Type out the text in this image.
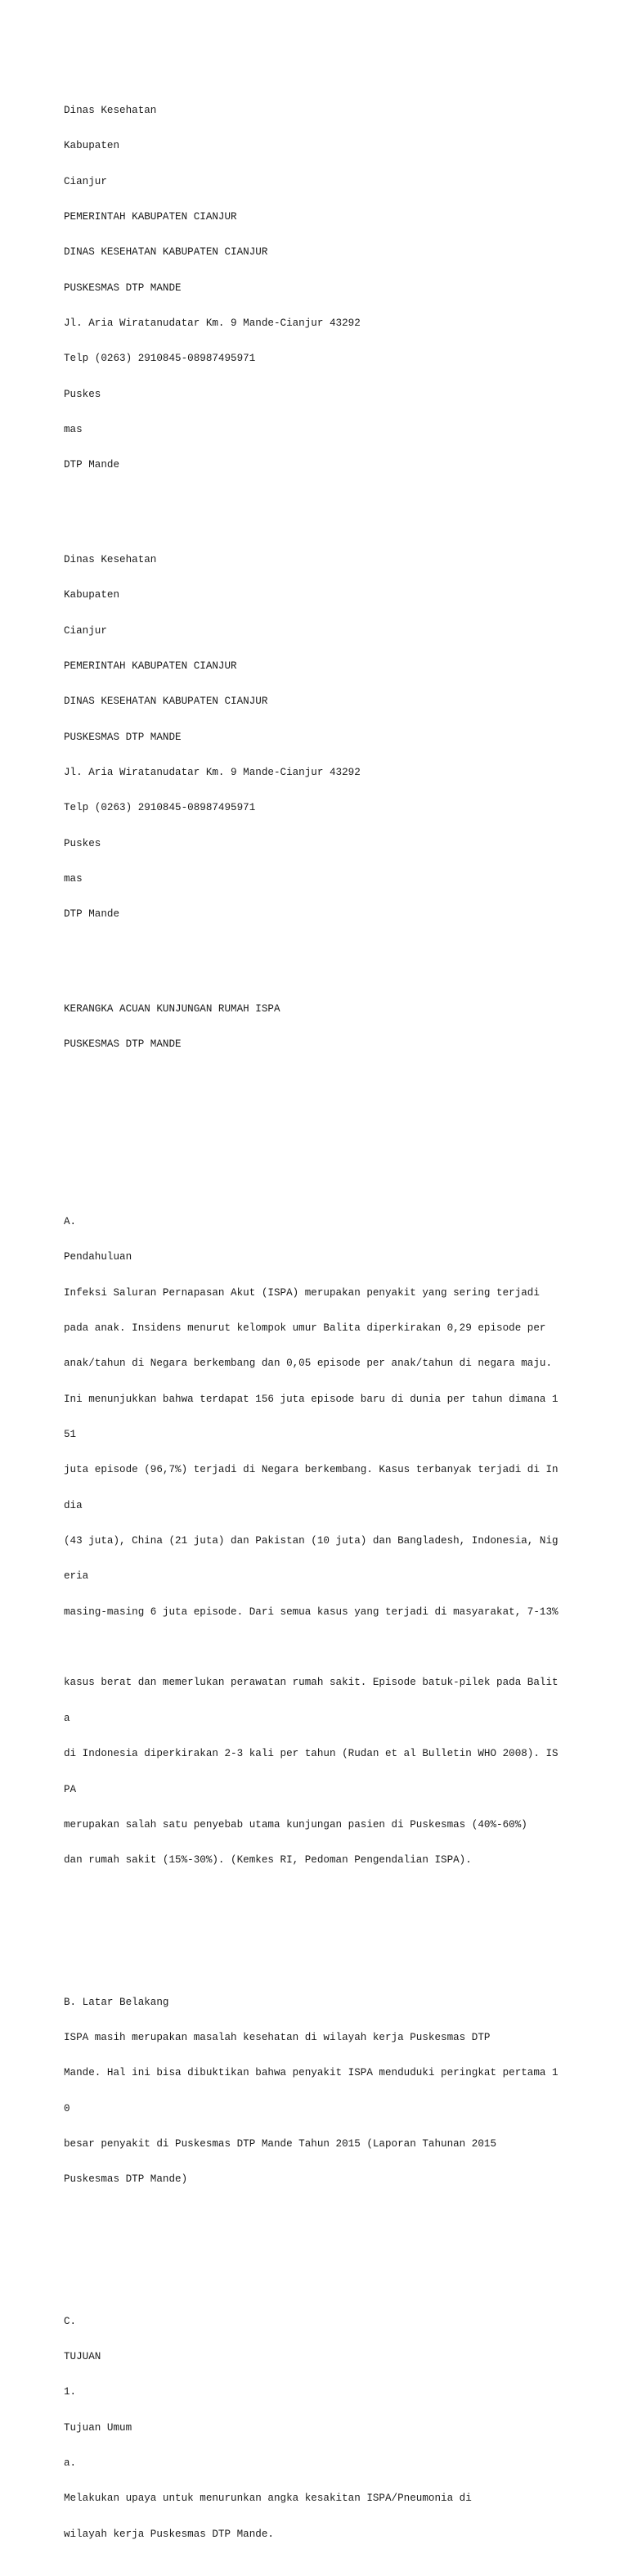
Dinas Kesehatan

Kabupaten

Cianjur

PEMERINTAH KABUPATEN CIANJUR

DINAS KESEHATAN KABUPATEN CIANJUR

PUSKESMAS DTP MANDE

Jl. Aria Wiratanudatar Km. 9 Mande-Cianjur 43292

Telp (0263) 2910845-08987495971

Puskes

mas

DTP Mande

Dinas Kesehatan

Kabupaten

Cianjur

PEMERINTAH KABUPATEN CIANJUR

DINAS KESEHATAN KABUPATEN CIANJUR

PUSKESMAS DTP MANDE

Jl. Aria Wiratanudatar Km. 9 Mande-Cianjur 43292

Telp (0263) 2910845-08987495971

Puskes

mas

DTP Mande

KERANGKA ACUAN KUNJUNGAN RUMAH ISPA

PUSKESMAS DTP MANDE

A.

Pendahuluan

Infeksi Saluran Pernapasan Akut (ISPA) merupakan penyakit yang sering terjadi

pada anak. Insidens menurut kelompok umur Balita diperkirakan 0,29 episode per

anak/tahun di Negara berkembang dan 0,05 episode per anak/tahun di negara maju.

Ini menunjukkan bahwa terdapat 156 juta episode baru di dunia per tahun dimana 1

51

juta episode (96,7%) terjadi di Negara berkembang. Kasus terbanyak terjadi di In

dia

(43 juta), China (21 juta) dan Pakistan (10 juta) dan Bangladesh, Indonesia, Nig

eria

masing-masing 6 juta episode. Dari semua kasus yang terjadi di masyarakat, 7-13%

kasus berat dan memerlukan perawatan rumah sakit. Episode batuk-pilek pada Balit

a

di Indonesia diperkirakan 2-3 kali per tahun (Rudan et al Bulletin WHO 2008). IS

PA

merupakan salah satu penyebab utama kunjungan pasien di Puskesmas (40%-60%)

dan rumah sakit (15%-30%). (Kemkes RI, Pedoman Pengendalian ISPA).

B. Latar Belakang

ISPA masih merupakan masalah kesehatan di wilayah kerja Puskesmas DTP

Mande. Hal ini bisa dibuktikan bahwa penyakit ISPA menduduki peringkat pertama 1

0

besar penyakit di Puskesmas DTP Mande Tahun 2015 (Laporan Tahunan 2015

Puskesmas DTP Mande)

C.

TUJUAN

1.

Tujuan Umum

a.

Melakukan upaya untuk menurunkan angka kesakitan ISPA/Pneumonia di

wilayah kerja Puskesmas DTP Mande.
